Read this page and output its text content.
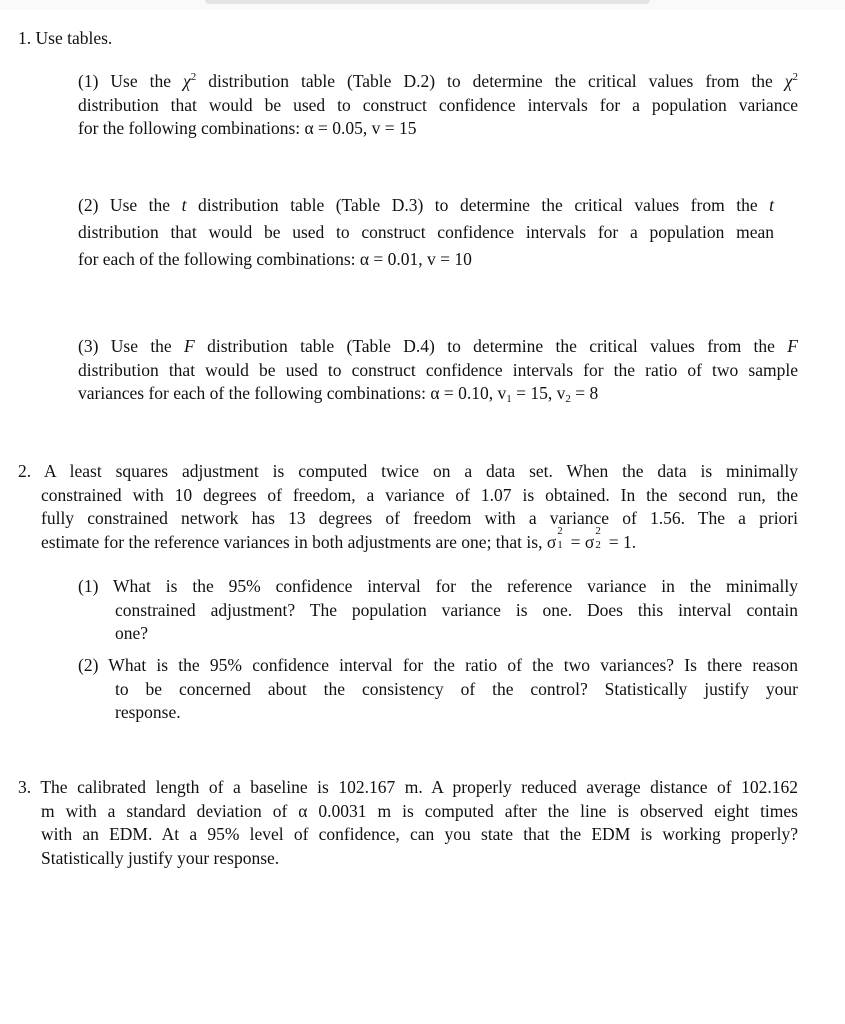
1. Use tables.
(1) Use the $\chi^2$ distribution table (Table D.2) to determine the critical values from the $\chi^2$
distribution that would be used to construct confidence intervals for a population variance
for the following combinations: α = 0.05, v = 15
(2) Use the t distribution table (Table D.3) to determine the critical values from the t
distribution that would be used to construct confidence intervals for a population mean
for each of the following combinations: α = 0.01, v = 10
(3) Use the F distribution table (Table D.4) to determine the critical values from the F
distribution that would be used to construct confidence intervals for the ratio of two sample
variances for each of the following combinations: α = 0.10, $v_1 = 15$, $v_2 = 8$
2. A least squares adjustment is computed twice on a data set. When the data is minimally
constrained with 10 degrees of freedom, a variance of 1.07 is obtained. In the second run, the
fully constrained network has 13 degrees of freedom with a variance of 1.56. The a priori
estimate for the reference variances in both adjustments are one; that is, σ
2
1 = σ
2
2 = 1.
(1) What is the 95% confidence interval for the reference variance in the minimally
constrained adjustment? The population variance is one. Does this interval contain
one?
(2) What is the 95% confidence interval for the ratio of the two variances? Is there reason
to be concerned about the consistency of the control? Statistically justify your
response.
3. The calibrated length of a baseline is 102.167 m. A properly reduced average distance of 102.162
m with a standard deviation of α 0.0031 m is computed after the line is observed eight times
with an EDM. At a 95% level of confidence, can you state that the EDM is working properly?
Statistically justify your response.
